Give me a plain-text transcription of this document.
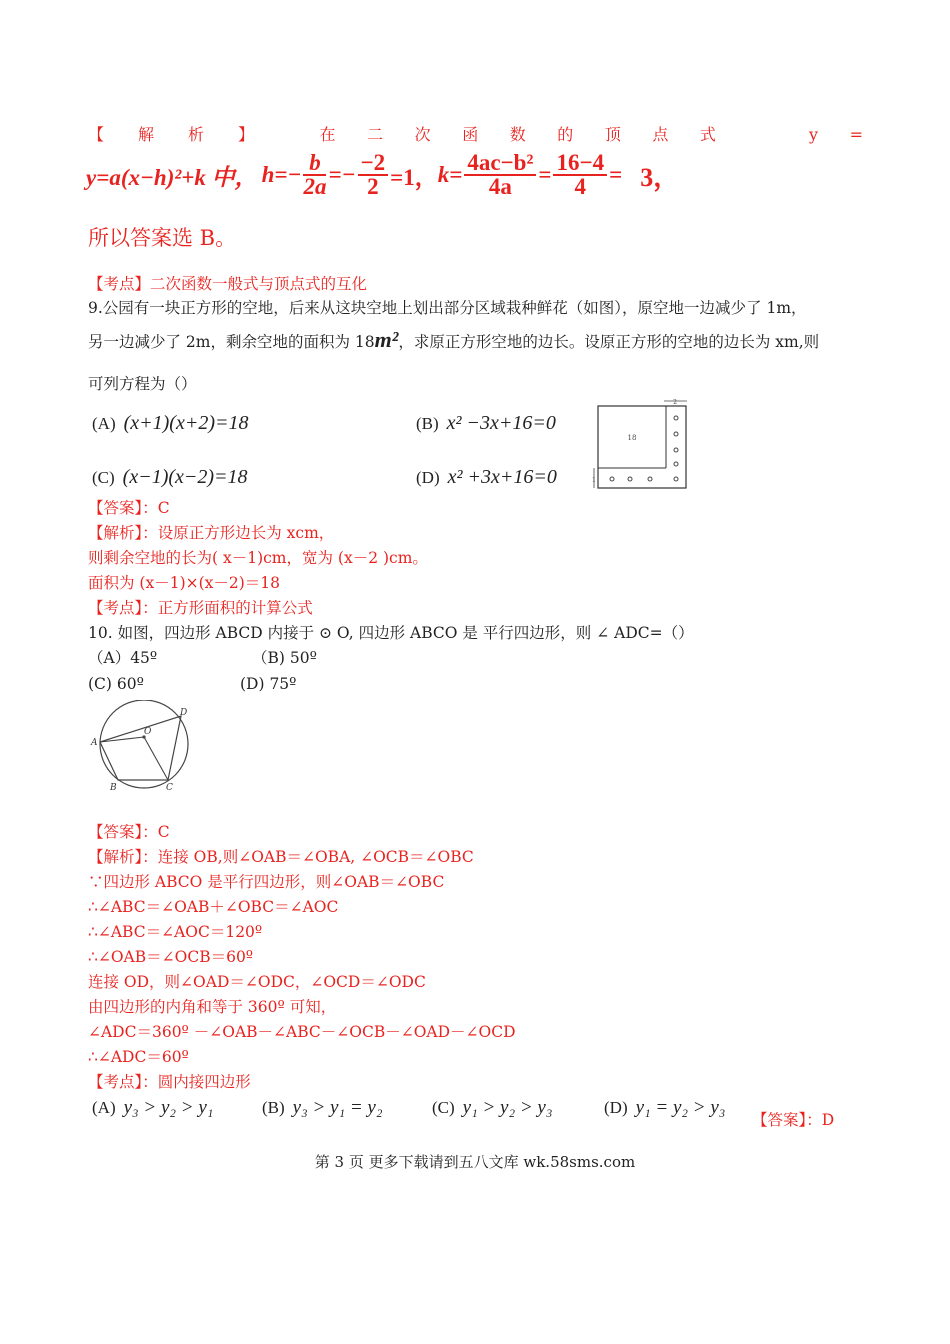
【解析】 在 二 次 函 数 的 顶 点 式	y =
y=a(x−h)²+k 中， $h=- \frac{b}{2a} =- \frac{-2}{2} =1$， $k= \frac{\text{4ac−b²}}{4a} = \frac{16-4}{4} = 3$，
所以答案选 B。
【考点】二次函数一般式与顶点式的互化
9.公园有一块正方形的空地，后来从这块空地上划出部分区域栽种鲜花（如图），原空地一边减少了 1m，
另一边减少了 2m，剩余空地的面积为 18m²，求原正方形空地的边长。设原正方形的空地的边长为 xm,则
可列方程为（）
(A) (x+1)(x+2)=18	(B) x² −3x+16=0
(C) (x−1)(x−2)=18	(D) x² +3x+16=0
2
1
18
【答案】：C
【解析】：设原正方形边长为 xcm，
则剩余空地的长为( x－1)cm，宽为 (x－2 )cm。
面积为 (x－1)×(x－2)＝18
【考点】：正方形面积的计算公式
10. 如图，四边形 ABCD 内接于 ⊙ O, 四边形 ABCO 是 平行四边形，则 ∠ ADC=（）
（A）45º	（B) 50º
(C) 60º	(D) 75º
A
B	C
D
O
【答案】：C
【解析】：连接 OB,则∠OAB＝∠OBA, ∠OCB＝∠OBC
∵四边形 ABCO 是平行四边形，则∠OAB＝∠OBC
∴∠ABC＝∠OAB＋∠OBC＝∠AOC
∴∠ABC＝∠AOC＝120º
∴∠OAB＝∠OCB＝60º
连接 OD，则∠OAD＝∠ODC，∠OCD＝∠ODC
由四边形的内角和等于 360º 可知，
∠ADC＝360º －∠OAB－∠ABC－∠OCB－∠OAD－∠OCD
∴∠ADC＝60º
【考点】：圆内接四边形
(A) y₃ > y₂ > y₁	(B) y₃ > y₁ = y₂	(C) y₁ > y₂ > y₃	(D) y₁ = y₂ > y₃
【答案】：D
第 3 页 更多下载请到五八文库 wk.58sms.com
